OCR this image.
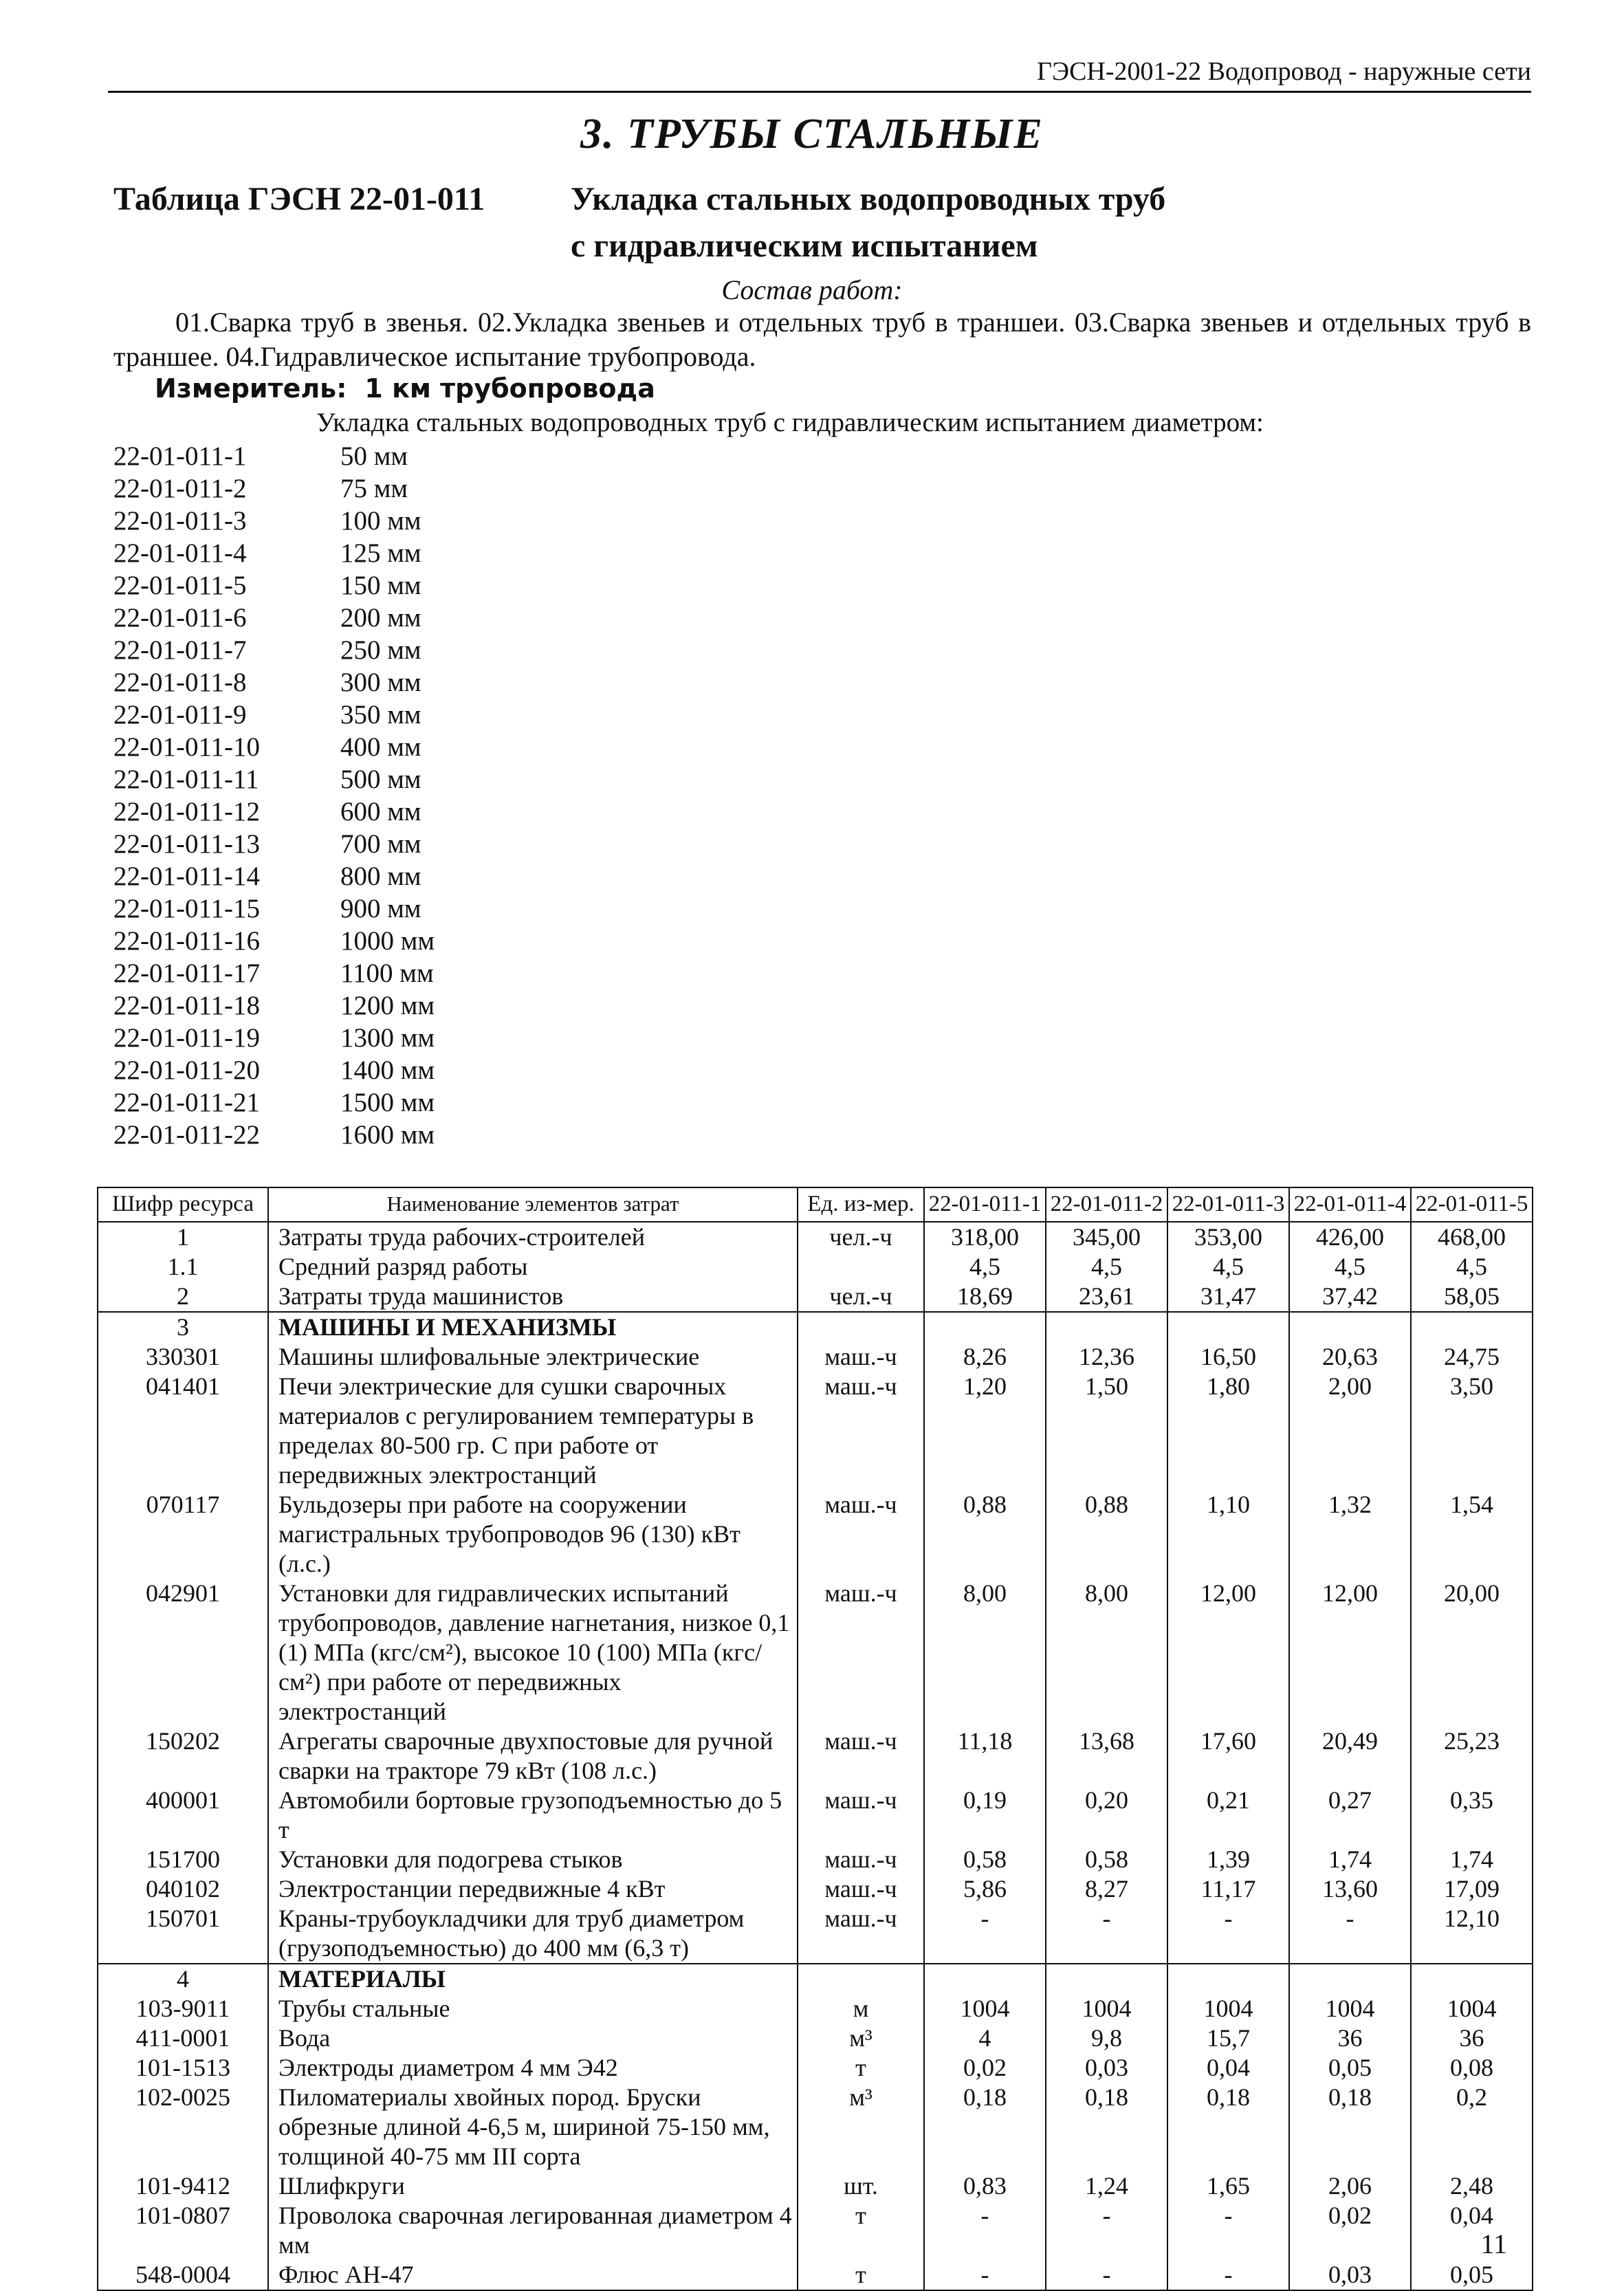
ГЭСН-2001-22 Водопровод - наружные сети
3. ТРУБЫ СТАЛЬНЫЕ
Таблица ГЭСН 22-01-011	Укладка стальных водопроводных труб
с гидравлическим испытанием
Состав работ:
01.Сварка труб в звенья. 02.Укладка звеньев и отдельных труб в траншеи. 03.Сварка звеньев и отдельных труб в траншее. 04.Гидравлическое испытание трубопровода.
Измеритель: 1 км трубопровода
Укладка стальных водопроводных труб с гидравлическим испытанием диаметром:
22-01-011-1	50 мм
22-01-011-2	75 мм
22-01-011-3	100 мм
22-01-011-4	125 мм
22-01-011-5	150 мм
22-01-011-6	200 мм
22-01-011-7	250 мм
22-01-011-8	300 мм
22-01-011-9	350 мм
22-01-011-10	400 мм
22-01-011-11	500 мм
22-01-011-12	600 мм
22-01-011-13	700 мм
22-01-011-14	800 мм
22-01-011-15	900 мм
22-01-011-16	1000 мм
22-01-011-17	1100 мм
22-01-011-18	1200 мм
22-01-011-19	1300 мм
22-01-011-20	1400 мм
22-01-011-21	1500 мм
22-01-011-22	1600 мм
Шифр ресурса	Наименование элементов затрат	Ед. из-мер.	22-01-011-1	22-01-011-2	22-01-011-3	22-01-011-4	22-01-011-5
1	Затраты труда рабочих-строителей	чел.-ч	318,00	345,00	353,00	426,00	468,00
1.1	Средний разряд работы		4,5	4,5	4,5	4,5	4,5
2	Затраты труда машинистов	чел.-ч	18,69	23,61	31,47	37,42	58,05
3	МАШИНЫ И МЕХАНИЗМЫ						
330301	Машины шлифовальные электрические	маш.-ч	8,26	12,36	16,50	20,63	24,75
041401	Печи электрические для сушки сварочных материалов с регулированием температуры в пределах 80-500 гр. С при работе от передвижных электростанций	маш.-ч	1,20	1,50	1,80	2,00	3,50
070117	Бульдозеры при работе на сооружении магистральных трубопроводов 96 (130) кВт (л.с.)	маш.-ч	0,88	0,88	1,10	1,32	1,54
042901	Установки для гидравлических испытаний трубопроводов, давление нагнетания, низкое 0,1 (1) МПа (кгс/см²), высокое 10 (100) МПа (кгс/см²) при работе от передвижных электростанций	маш.-ч	8,00	8,00	12,00	12,00	20,00
150202	Агрегаты сварочные двухпостовые для ручной сварки на тракторе 79 кВт (108 л.с.)	маш.-ч	11,18	13,68	17,60	20,49	25,23
400001	Автомобили бортовые грузоподъемностью до 5 т	маш.-ч	0,19	0,20	0,21	0,27	0,35
151700	Установки для подогрева стыков	маш.-ч	0,58	0,58	1,39	1,74	1,74
040102	Электростанции передвижные 4 кВт	маш.-ч	5,86	8,27	11,17	13,60	17,09
150701	Краны-трубоукладчики для труб диаметром (грузоподъемностью) до 400 мм (6,3 т)	маш.-ч	-	-	-	-	12,10
4	МАТЕРИАЛЫ						
103-9011	Трубы стальные	м	1004	1004	1004	1004	1004
411-0001	Вода	м³	4	9,8	15,7	36	36
101-1513	Электроды диаметром 4 мм Э42	т	0,02	0,03	0,04	0,05	0,08
102-0025	Пиломатериалы хвойных пород. Бруски обрезные длиной 4-6,5 м, шириной 75-150 мм, толщиной 40-75 мм III сорта	м³	0,18	0,18	0,18	0,18	0,2
101-9412	Шлифкруги	шт.	0,83	1,24	1,65	2,06	2,48
101-0807	Проволока сварочная легированная диаметром 4 мм	т	-	-	-	0,02	0,04
548-0004	Флюс АН-47	т	-	-	-	0,03	0,05
11
